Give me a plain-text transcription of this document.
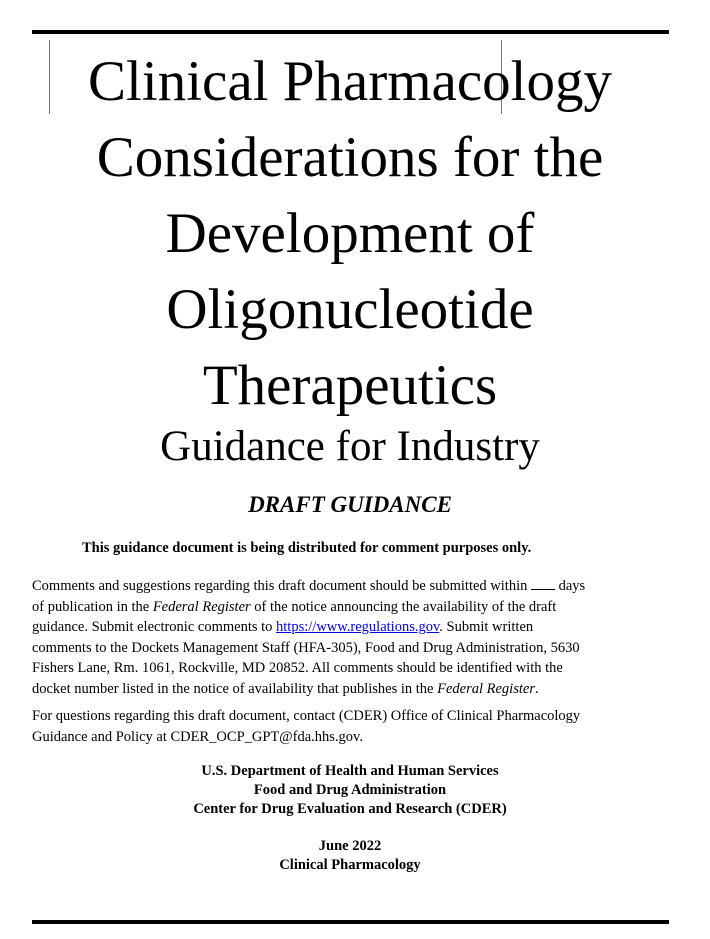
Clinical Pharmacology
Considerations for the
Development of
Oligonucleotide
Therapeutics
Guidance for Industry
DRAFT GUIDANCE
This guidance document is being distributed for comment purposes only.

Comments and suggestions regarding this draft document should be submitted within  days
of publication in the Federal Register of the notice announcing the availability of the draft
guidance. Submit electronic comments to https://www.regulations.gov. Submit written
comments to the Dockets Management Staff (HFA-305), Food and Drug Administration, 5630
Fishers Lane, Rm. 1061, Rockville, MD 20852. All comments should be identified with the
docket number listed in the notice of availability that publishes in the Federal Register.

For questions regarding this draft document, contact (CDER) Office of Clinical Pharmacology
Guidance and Policy at CDER_OCP_GPT@fda.hhs.gov.

U.S. Department of Health and Human Services
Food and Drug Administration
Center for Drug Evaluation and Research (CDER)
June 2022
Clinical Pharmacology
